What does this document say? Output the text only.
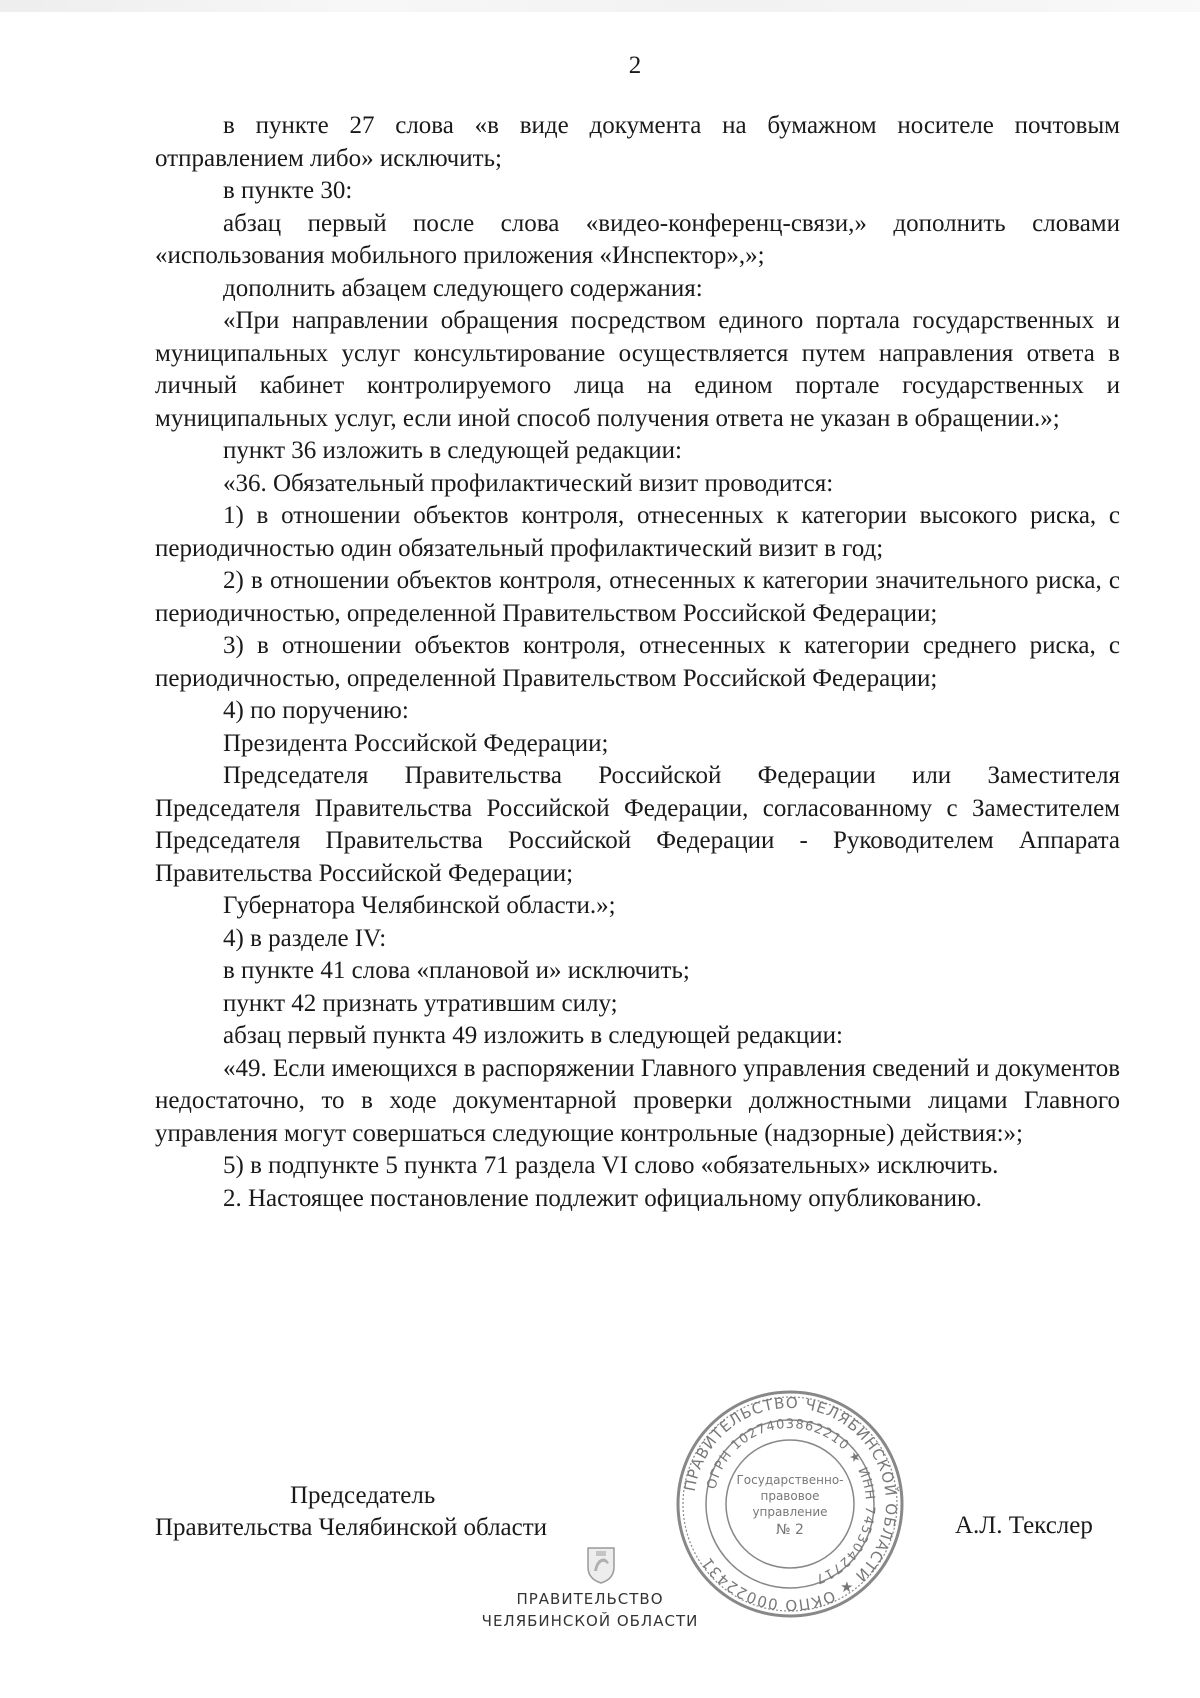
2

в пункте 27 слова «в виде документа на бумажном носителе почтовым отправлением либо» исключить;

в пункте 30:

абзац первый после слова «видео-конференц-связи,» дополнить словами «использования мобильного приложения «Инспектор»,»;

дополнить абзацем следующего содержания:

«При направлении обращения посредством единого портала государственных и муниципальных услуг консультирование осуществляется путем направления ответа в личный кабинет контролируемого лица на едином портале государственных и муниципальных услуг, если иной способ получения ответа не указан в обращении.»;

пункт 36 изложить в следующей редакции:

«36. Обязательный профилактический визит проводится:

1) в отношении объектов контроля, отнесенных к категории высокого риска, с периодичностью один обязательный профилактический визит в год;

2) в отношении объектов контроля, отнесенных к категории значительного риска, с периодичностью, определенной Правительством Российской Федерации;

3) в отношении объектов контроля, отнесенных к категории среднего риска, с периодичностью, определенной Правительством Российской Федерации;

4) по поручению:

Президента Российской Федерации;

Председателя Правительства Российской Федерации или Заместителя Председателя Правительства Российской Федерации, согласованному с Заместителем Председателя Правительства Российской Федерации - Руководителем Аппарата Правительства Российской Федерации;

Губернатора Челябинской области.»;

4) в разделе IV:

в пункте 41 слова «плановой и» исключить;

пункт 42 признать утратившим силу;

абзац первый пункта 49 изложить в следующей редакции:

«49. Если имеющихся в распоряжении Главного управления сведений и документов недостаточно, то в ходе документарной проверки должностными лицами Главного управления могут совершаться следующие контрольные (надзорные) действия:»;

5) в подпункте 5 пункта 71 раздела VI слово «обязательных» исключить.

2. Настоящее постановление подлежит официальному опубликованию.

Председатель
Правительства Челябинской области	А.Л. Текслер
ПРАВИТЕЛЬСТВО
ЧЕЛЯБИНСКОЙ ОБЛАСТИ
ПРАВИТЕЛЬСТВО ЧЕЛЯБИНСКОЙ ОБЛАСТИ ★ ОКПО 00022431
ОГРН 1027403862210 ★ ИНН 7453042717
Государственно-
правовое
управление
№ 2
